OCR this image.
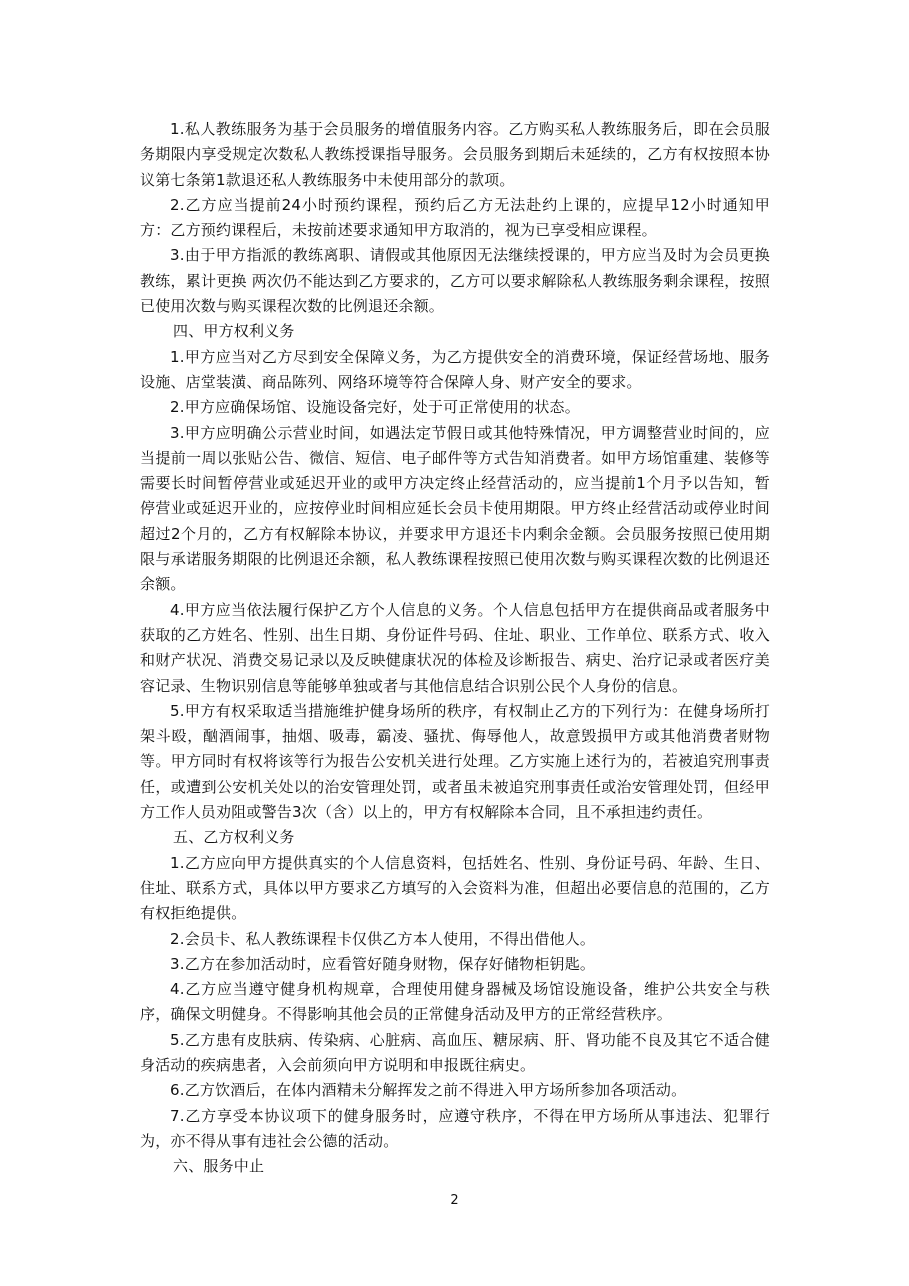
1.私人教练服务为基于会员服务的增值服务内容。乙方购买私人教练服务后，即在会员服务期限内享受规定次数私人教练授课指导服务。会员服务到期后未延续的，乙方有权按照本协议第七条第1款退还私人教练服务中未使用部分的款项。

2.乙方应当提前24小时预约课程，预约后乙方无法赴约上课的，应提早12小时通知甲方：乙方预约课程后，未按前述要求通知甲方取消的，视为已享受相应课程。

3.由于甲方指派的教练离职、请假或其他原因无法继续授课的，甲方应当及时为会员更换教练，累计更换 两次仍不能达到乙方要求的，乙方可以要求解除私人教练服务剩余课程，按照已使用次数与购买课程次数的比例退还余额。

四、甲方权利义务

1.甲方应当对乙方尽到安全保障义务，为乙方提供安全的消费环境，保证经营场地、服务设施、店堂装潢、商品陈列、网络环境等符合保障人身、财产安全的要求。

2.甲方应确保场馆、设施设备完好，处于可正常使用的状态。

3.甲方应明确公示营业时间，如遇法定节假日或其他特殊情况，甲方调整营业时间的，应当提前一周以张贴公告、微信、短信、电子邮件等方式告知消费者。如甲方场馆重建、装修等需要长时间暂停营业或延迟开业的或甲方决定终止经营活动的，应当提前1个月予以告知，暂停营业或延迟开业的，应按停业时间相应延长会员卡使用期限。甲方终止经营活动或停业时间超过2个月的，乙方有权解除本协议，并要求甲方退还卡内剩余金额。会员服务按照已使用期限与承诺服务期限的比例退还余额，私人教练课程按照已使用次数与购买课程次数的比例退还余额。

4.甲方应当依法履行保护乙方个人信息的义务。个人信息包括甲方在提供商品或者服务中获取的乙方姓名、性别、出生日期、身份证件号码、住址、职业、工作单位、联系方式、收入和财产状况、消费交易记录以及反映健康状况的体检及诊断报告、病史、治疗记录或者医疗美容记录、生物识别信息等能够单独或者与其他信息结合识别公民个人身份的信息。

5.甲方有权采取适当措施维护健身场所的秩序，有权制止乙方的下列行为：在健身场所打架斗殴，酗酒闹事，抽烟、吸毒，霸凌、骚扰、侮辱他人，故意毁损甲方或其他消费者财物等。甲方同时有权将该等行为报告公安机关进行处理。乙方实施上述行为的，若被追究刑事责任，或遭到公安机关处以的治安管理处罚，或者虽未被追究刑事责任或治安管理处罚，但经甲方工作人员劝阻或警告3次（含）以上的，甲方有权解除本合同，且不承担违约责任。

五、乙方权利义务

1.乙方应向甲方提供真实的个人信息资料，包括姓名、性别、身份证号码、年龄、生日、住址、联系方式，具体以甲方要求乙方填写的入会资料为准，但超出必要信息的范围的，乙方有权拒绝提供。

2.会员卡、私人教练课程卡仅供乙方本人使用，不得出借他人。

3.乙方在参加活动时，应看管好随身财物，保存好储物柜钥匙。

4.乙方应当遵守健身机构规章，合理使用健身器械及场馆设施设备，维护公共安全与秩序，确保文明健身。不得影响其他会员的正常健身活动及甲方的正常经营秩序。

5.乙方患有皮肤病、传染病、心脏病、高血压、糖尿病、肝、肾功能不良及其它不适合健身活动的疾病患者，入会前须向甲方说明和申报既往病史。

6.乙方饮酒后，在体内酒精未分解挥发之前不得进入甲方场所参加各项活动。

7.乙方享受本协议项下的健身服务时，应遵守秩序，不得在甲方场所从事违法、犯罪行为，亦不得从事有违社会公德的活动。

六、服务中止

2
